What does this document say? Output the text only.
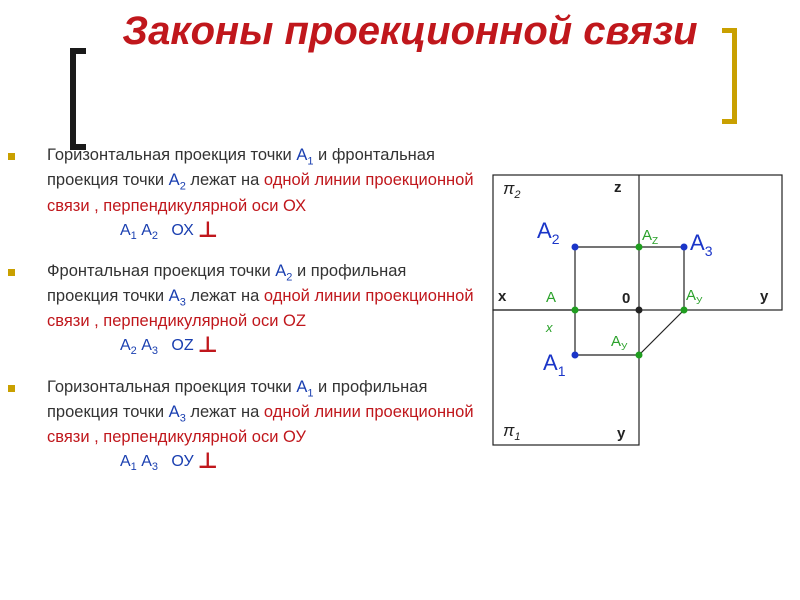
Законы проекционной связи
Горизонтальная проекция точки $А_1$ и фронтальная проекция точки $А_2$ лежат на одной линии проекционной связи , перпендикулярной оси ОХ
$А_1$ $А_2$ ОХ ⊥
Фронтальная проекция точки $А_2$ и профильная проекция точки $А_3$ лежат на одной линии проекционной связи , перпендикулярной оси OZ
$А_2$ $А_3$ OZ ⊥
Горизонтальная проекция точки $А_1$ и профильная проекция точки $А_3$ лежат на одной линии проекционной связи , перпендикулярной оси ОУ
$А_1$ $А_3$ ОУ ⊥
$\pi_2$
$\pi_1$
z
x	y
y
0
$А_2$	$А_3$
$А_1$
А
x
$А_Z$
$А_У$
$А_У$
